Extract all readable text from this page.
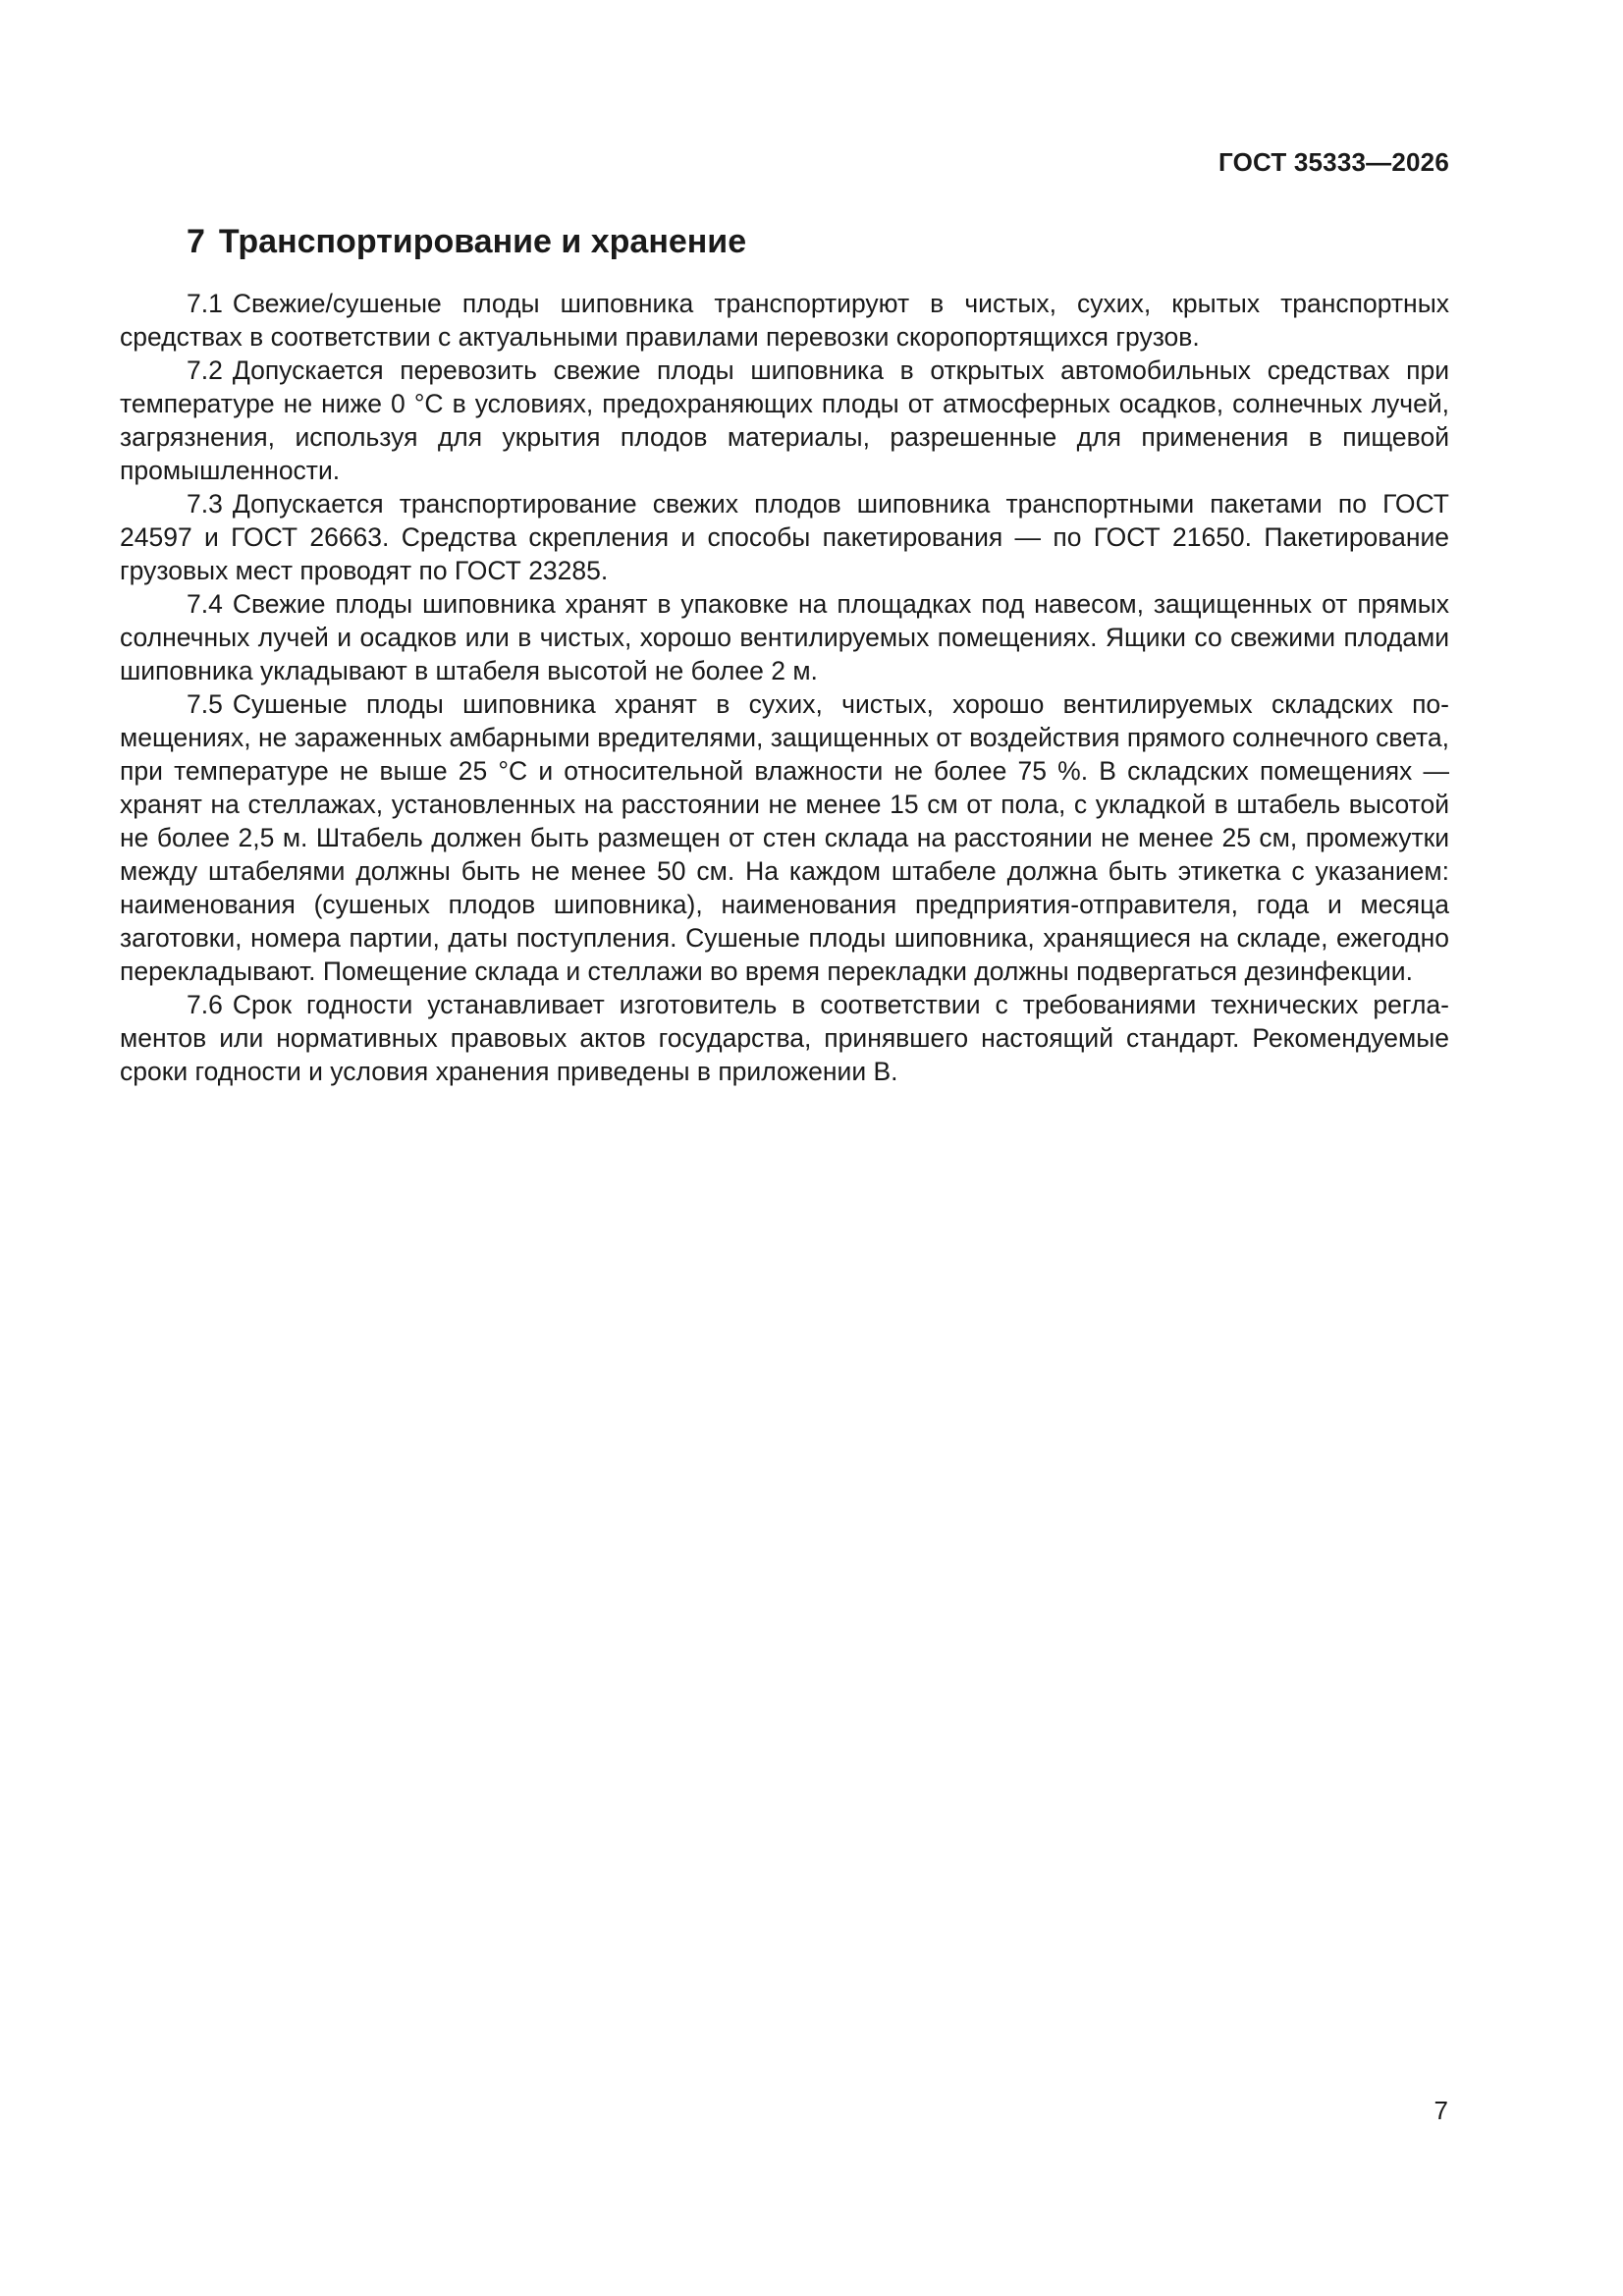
ГОСТ 35333—2026
7 Транспортирование и хранение

7.1 Свежие/сушеные плоды шиповника транспортируют в чистых, сухих, крытых транспортных средствах в соответствии с актуальными правилами перевозки скоропортящихся грузов.

7.2 Допускается перевозить свежие плоды шиповника в открытых автомобильных средствах при температуре не ниже 0 °С в условиях, предохраняющих плоды от атмосферных осадков, солнечных лучей, загрязнения, используя для укрытия плодов материалы, разрешенные для применения в пищевой промышленности.

7.3 Допускается транспортирование свежих плодов шиповника транспортными пакетами по ГОСТ 24597 и ГОСТ 26663. Средства скрепления и способы пакетирования — по ГОСТ 21650. Пакетирование грузовых мест проводят по ГОСТ 23285.

7.4 Свежие плоды шиповника хранят в упаковке на площадках под навесом, защищенных от прямых солнечных лучей и осадков или в чистых, хорошо вентилируемых помещениях. Ящики со свежими плодами шиповника укладывают в штабеля высотой не более 2 м.

7.5 Сушеные плоды шиповника хранят в сухих, чистых, хорошо вентилируемых складских помещениях, не зараженных амбарными вредителями, защищенных от воздействия прямого солнечного света, при температуре не выше 25 °С и относительной влажности не более 75 %. В складских помещениях — хранят на стеллажах, установленных на расстоянии не менее 15 см от пола, с укладкой в штабель высотой не более 2,5 м. Штабель должен быть размещен от стен склада на расстоянии не менее 25 см, промежутки между штабелями должны быть не менее 50 см. На каждом штабеле должна быть этикетка с указанием: наименования (сушеных плодов шиповника), наименования предприятия-отправителя, года и месяца заготовки, номера партии, даты поступления. Сушеные плоды шиповника, хранящиеся на складе, ежегодно перекладывают. Помещение склада и стеллажи во время перекладки должны подвергаться дезинфекции.

7.6 Срок годности устанавливает изготовитель в соответствии с требованиями технических регламентов или нормативных правовых актов государства, принявшего настоящий стандарт. Рекомендуемые сроки годности и условия хранения приведены в приложении В.

7
